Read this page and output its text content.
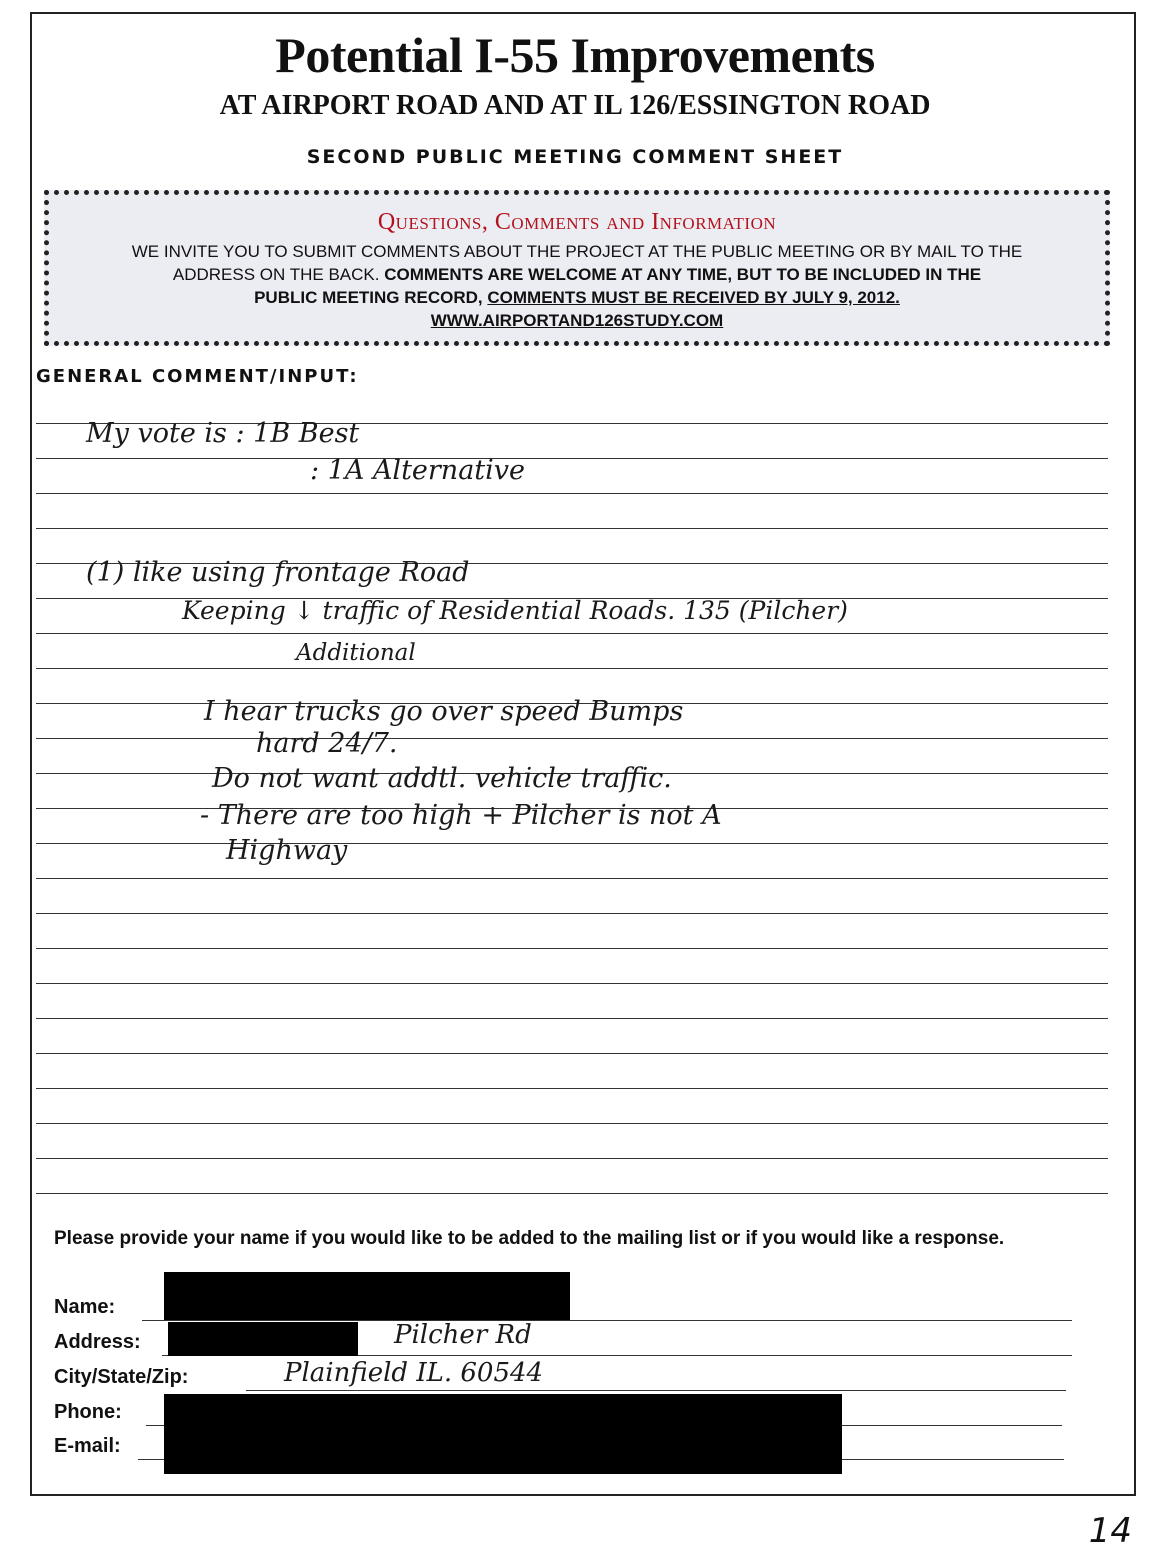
Potential I-55 Improvements
AT AIRPORT ROAD AND AT IL 126/ESSINGTON ROAD
SECOND PUBLIC MEETING COMMENT SHEET
Questions, Comments and Information
WE INVITE YOU TO SUBMIT COMMENTS ABOUT THE PROJECT AT THE PUBLIC MEETING OR BY MAIL TO THE
ADDRESS ON THE BACK. COMMENTS ARE WELCOME AT ANY TIME, BUT TO BE INCLUDED IN THE
PUBLIC MEETING RECORD, COMMENTS MUST BE RECEIVED BY JULY 9, 2012.
WWW.AIRPORTAND126STUDY.COM
GENERAL COMMENT/INPUT:
My vote is : 1B Best
: 1A Alternative
(1) like using frontage Road
Keeping ↓ traffic of Residential Roads. 135 (Pilcher)
Additional
I hear trucks go over speed Bumps
hard 24/7.
Do not want addtl. vehicle traffic.
- There are too high + Pilcher is not A
Highway

Please provide your name if you would like to be added to the mailing list or if you would like a response.

Name:
Address:	Pilcher Rd
City/State/Zip:	Plainfield IL. 60544
Phone:
E-mail:
14
